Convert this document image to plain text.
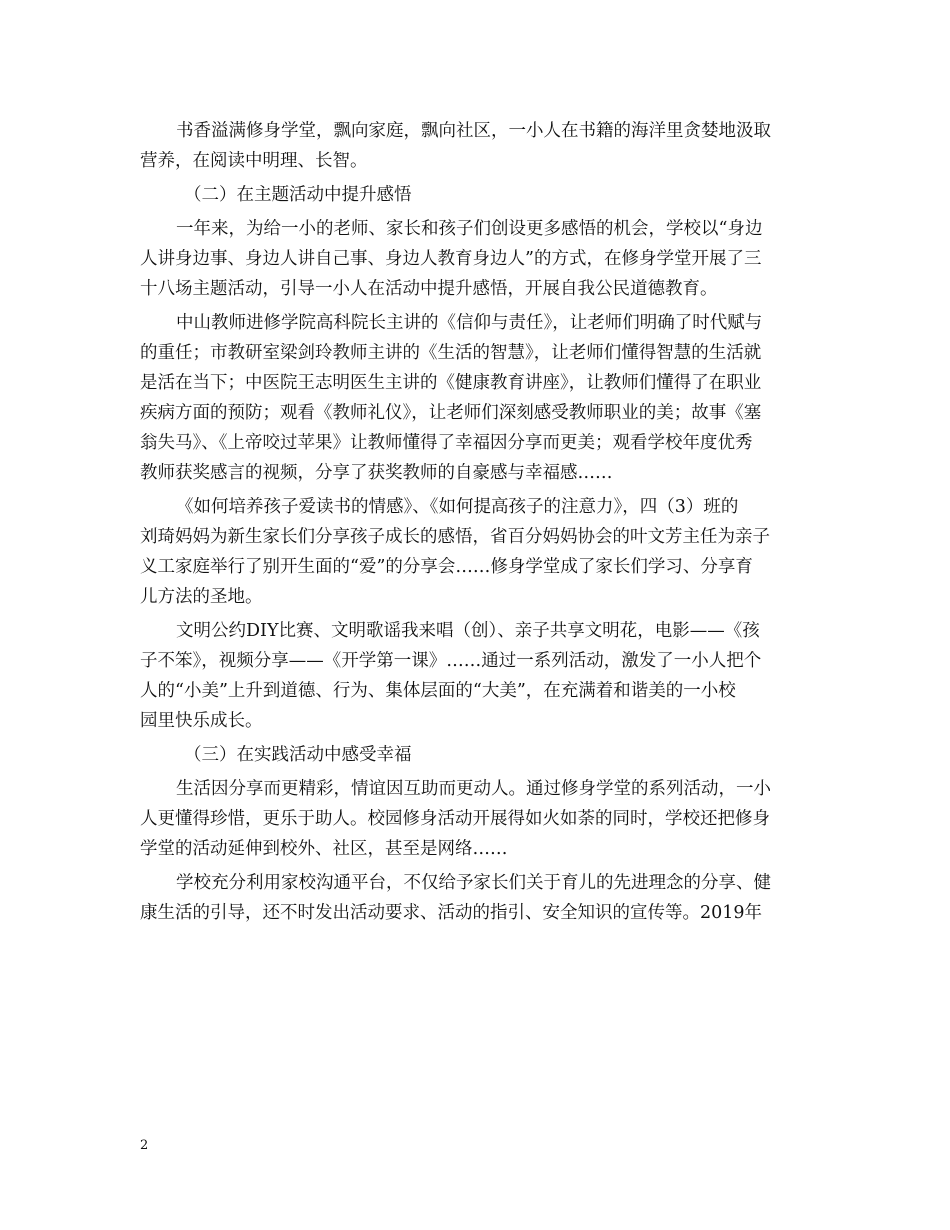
书香溢满修身学堂，飘向家庭，飘向社区，一小人在书籍的海洋里贪婪地汲取
营养，在阅读中明理、长智。
（二）在主题活动中提升感悟
一年来，为给一小的老师、家长和孩子们创设更多感悟的机会，学校以“身边
人讲身边事、身边人讲自己事、身边人教育身边人”的方式，在修身学堂开展了三
十八场主题活动，引导一小人在活动中提升感悟，开展自我公民道德教育。
中山教师进修学院高科院长主讲的《信仰与责任》，让老师们明确了时代赋与
的重任；市教研室梁剑玲教师主讲的《生活的智慧》，让老师们懂得智慧的生活就
是活在当下；中医院王志明医生主讲的《健康教育讲座》，让教师们懂得了在职业
疾病方面的预防；观看《教师礼仪》，让老师们深刻感受教师职业的美；故事《塞
翁失马》、《上帝咬过苹果》让教师懂得了幸福因分享而更美；观看学校年度优秀
教师获奖感言的视频，分享了获奖教师的自豪感与幸福感……
《如何培养孩子爱读书的情感》、《如何提高孩子的注意力》，四（3）班的
刘琦妈妈为新生家长们分享孩子成长的感悟，省百分妈妈协会的叶文芳主任为亲子
义工家庭举行了别开生面的“爱”的分享会……修身学堂成了家长们学习、分享育
儿方法的圣地。
文明公约DIY比赛、文明歌谣我来唱（创）、亲子共享文明花，电影——《孩
子不笨》，视频分享——《开学第一课》……通过一系列活动，激发了一小人把个
人的“小美”上升到道德、行为、集体层面的“大美”，在充满着和谐美的一小校
园里快乐成长。
（三）在实践活动中感受幸福
生活因分享而更精彩，情谊因互助而更动人。通过修身学堂的系列活动，一小
人更懂得珍惜，更乐于助人。校园修身活动开展得如火如荼的同时，学校还把修身
学堂的活动延伸到校外、社区，甚至是网络……
学校充分利用家校沟通平台，不仅给予家长们关于育儿的先进理念的分享、健
康生活的引导，还不时发出活动要求、活动的指引、安全知识的宣传等。2019年
2
